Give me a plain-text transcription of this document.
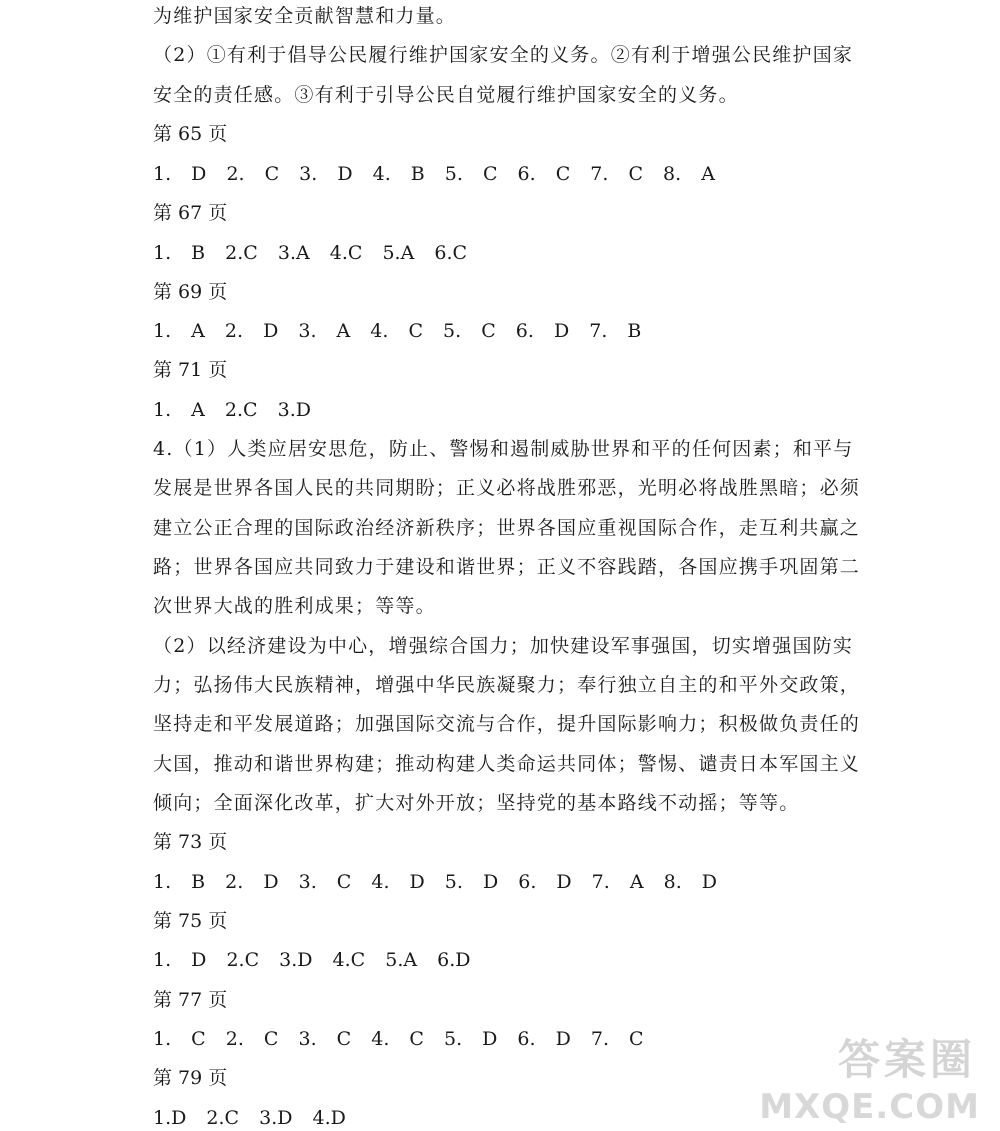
为维护国家安全贡献智慧和力量。
（2）①有利于倡导公民履行维护国家安全的义务。②有利于增强公民维护国家
安全的责任感。③有利于引导公民自觉履行维护国家安全的义务。
第 65 页
1. D 2. C 3. D 4. B 5. C 6. C 7. C 8. A
第 67 页
1. B 2.C 3.A 4.C 5.A 6.C
第 69 页
1. A 2. D 3. A 4. C 5. C 6. D 7. B
第 71 页
1. A 2.C 3.D
4.（1）人类应居安思危，防止、警惕和遏制威胁世界和平的任何因素；和平与
发展是世界各国人民的共同期盼；正义必将战胜邪恶，光明必将战胜黑暗；必须
建立公正合理的国际政治经济新秩序；世界各国应重视国际合作，走互利共赢之
路；世界各国应共同致力于建设和谐世界；正义不容践踏，各国应携手巩固第二
次世界大战的胜利成果；等等。
（2）以经济建设为中心，增强综合国力；加快建设军事强国，切实增强国防实
力；弘扬伟大民族精神，增强中华民族凝聚力；奉行独立自主的和平外交政策，
坚持走和平发展道路；加强国际交流与合作，提升国际影响力；积极做负责任的
大国，推动和谐世界构建；推动构建人类命运共同体；警惕、谴责日本军国主义
倾向；全面深化改革，扩大对外开放；坚持党的基本路线不动摇；等等。
第 73 页
1. B 2. D 3. C 4. D 5. D 6. D 7. A 8. D
第 75 页
1. D 2.C 3.D 4.C 5.A 6.D
第 77 页
1. C 2. C 3. C 4. C 5. D 6. D 7. C
第 79 页
1.D 2.C 3.D 4.D
答案圈
MXQE.COM
